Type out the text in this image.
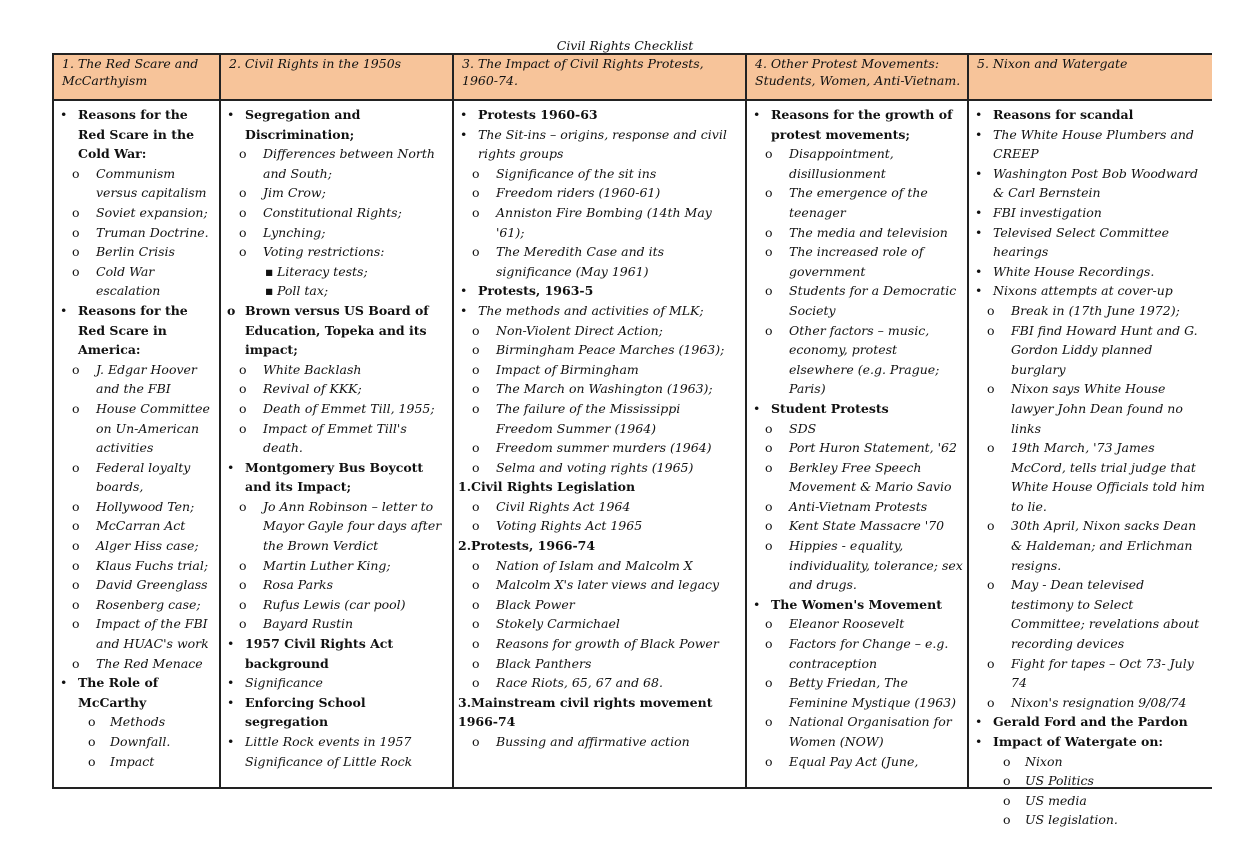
Civil Rights Checklist
1. The Red Scare and McCarthyism
• Reasons for the Red Scare in the Cold War:
o Communism versus capitalism
o Soviet expansion;
o Truman Doctrine.
o Berlin Crisis
o Cold War escalation
• Reasons for the Red Scare in America:
o J. Edgar Hoover and the FBI
o House Committee on Un-American activities
o Federal loyalty boards,
o Hollywood Ten;
o McCarran Act
o Alger Hiss case;
o Klaus Fuchs trial;
o David Greenglass
o Rosenberg case;
o Impact of the FBI and HUAC's work
o The Red Menace
• The Role of McCarthy
o Methods
o Downfall.
o Impact
2. Civil Rights in the 1950s
• Segregation and Discrimination;
o Differences between North and South;
o Jim Crow;
o Constitutional Rights;
o Lynching;
o Voting restrictions:
▪ Literacy tests;
▪ Poll tax;
o Brown versus US Board of Education, Topeka and its impact;
o White Backlash
o Revival of KKK;
o Death of Emmet Till, 1955;
o Impact of Emmet Till's death.
• Montgomery Bus Boycott and its Impact;
o Jo Ann Robinson – letter to Mayor Gayle four days after the Brown Verdict
o Martin Luther King;
o Rosa Parks
o Rufus Lewis (car pool)
o Bayard Rustin
• 1957 Civil Rights Act background
• Significance
• Enforcing School segregation
• Little Rock events in 1957 Significance of Little Rock
3. The Impact of Civil Rights Protests, 1960-74.
• Protests 1960-63
• The Sit-ins – origins, response and civil rights groups
o Significance of the sit ins
o Freedom riders (1960-61)
o Anniston Fire Bombing (14th May '61);
o The Meredith Case and its significance (May 1961)
• Protests, 1963-5
• The methods and activities of MLK;
o Non-Violent Direct Action;
o Birmingham Peace Marches (1963);
o Impact of Birmingham
o The March on Washington (1963);
o The failure of the Mississippi Freedom Summer (1964)
o Freedom summer murders (1964)
o Selma and voting rights (1965)
1.Civil Rights Legislation
o Civil Rights Act 1964
o Voting Rights Act 1965
2.Protests, 1966-74
o Nation of Islam and Malcolm X
o Malcolm X's later views and legacy
o Black Power
o Stokely Carmichael
o Reasons for growth of Black Power
o Black Panthers
o Race Riots, 65, 67 and 68.
3.Mainstream civil rights movement 1966-74
o Bussing and affirmative action
4. Other Protest Movements: Students, Women, Anti-Vietnam.
• Reasons for the growth of protest movements;
o Disappointment, disillusionment
o The emergence of the teenager
o The media and television
o The increased role of government
o Students for a Democratic Society
o Other factors – music, economy, protest elsewhere (e.g. Prague; Paris)
• Student Protests
o SDS
o Port Huron Statement, '62
o Berkley Free Speech Movement & Mario Savio
o Anti-Vietnam Protests
o Kent State Massacre '70
o Hippies - equality, individuality, tolerance; sex and drugs.
• The Women's Movement
o Eleanor Roosevelt
o Factors for Change – e.g. contraception
o Betty Friedan, The Feminine Mystique (1963)
o National Organisation for Women (NOW)
o Equal Pay Act (June,
5. Nixon and Watergate
• Reasons for scandal
• The White House Plumbers and CREEP
• Washington Post Bob Woodward & Carl Bernstein
• FBI investigation
• Televised Select Committee hearings
• White House Recordings.
• Nixons attempts at cover-up
o Break in (17th June 1972);
o FBI find Howard Hunt and G. Gordon Liddy planned burglary
o Nixon says White House lawyer John Dean found no links
o 19th March, '73 James McCord, tells trial judge that White House Officials told him to lie.
o 30th April, Nixon sacks Dean & Haldeman; and Erlichman resigns.
o May - Dean televised testimony to Select Committee; revelations about recording devices
o Fight for tapes – Oct 73- July 74
o Nixon's resignation 9/08/74
• Gerald Ford and the Pardon
• Impact of Watergate on:
o Nixon
o US Politics
o US media
o US legislation.
